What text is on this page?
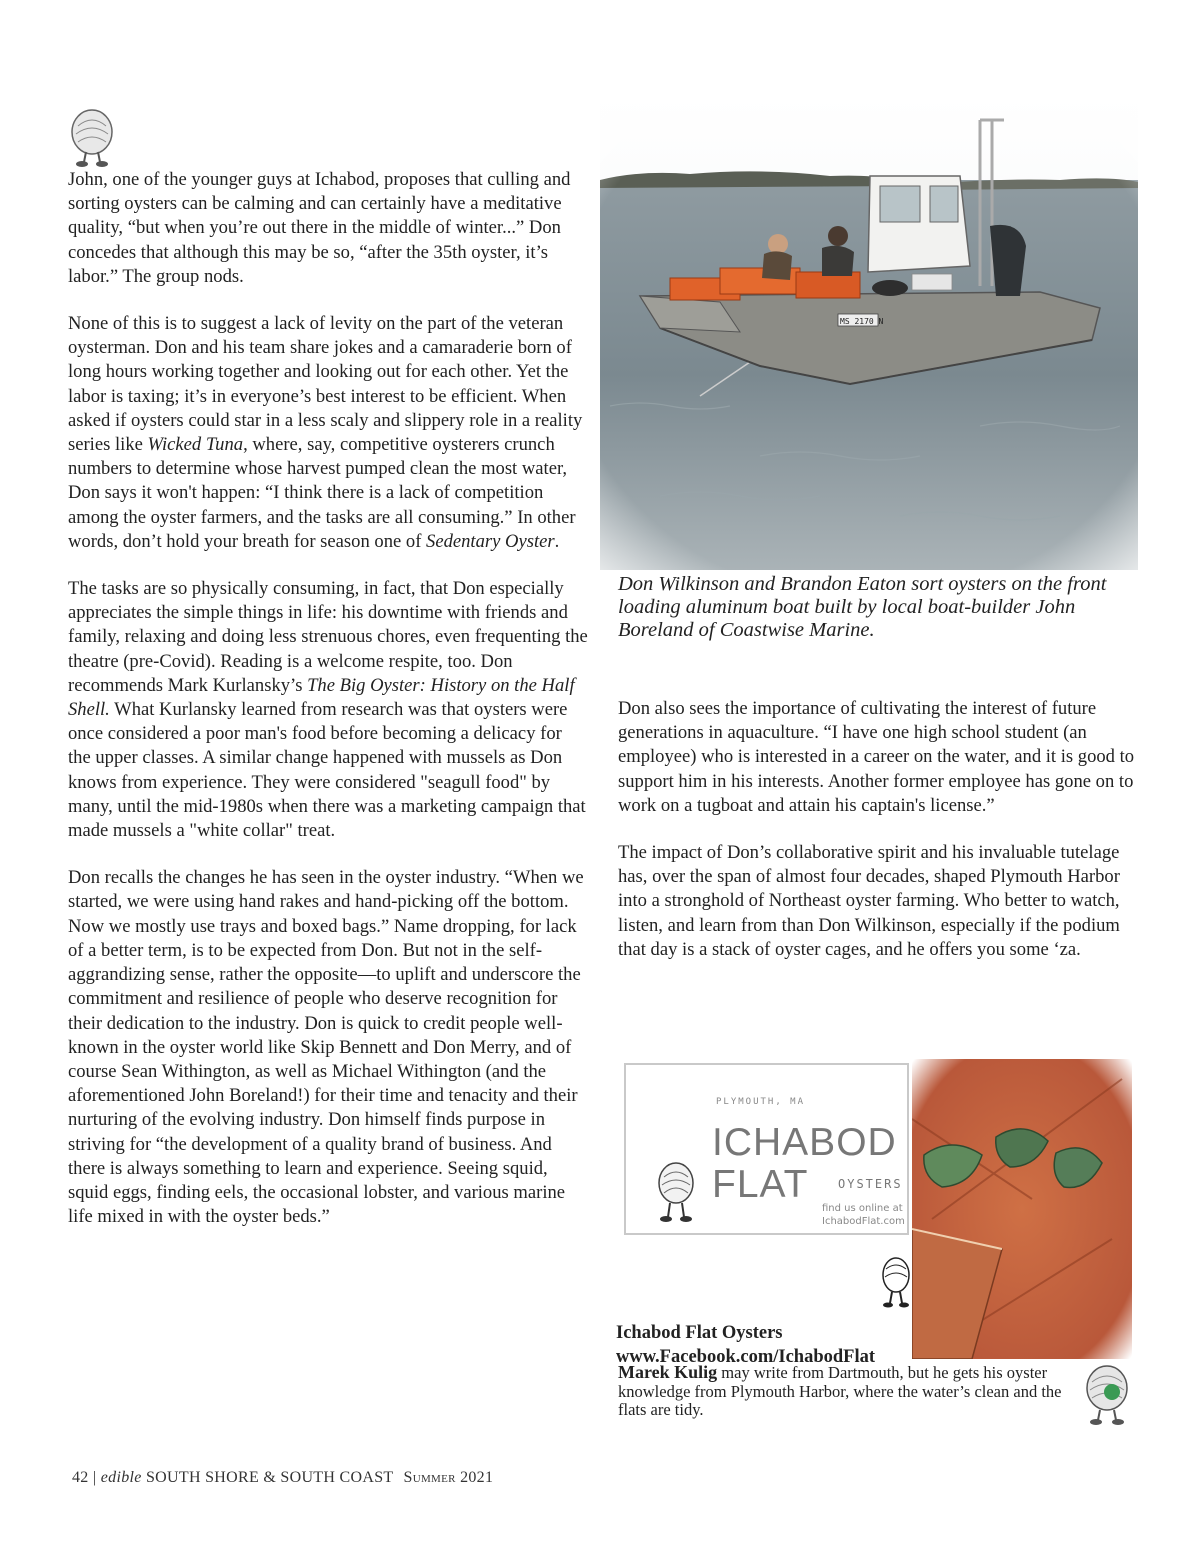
John, one of the younger guys at Ichabod, proposes that culling and sorting oysters can be calming and can certainly have a meditative quality, “but when you’re out there in the middle of winter...” Don concedes that although this may be so, “after the 35th oyster, it’s labor.” The group nods.

None of this is to suggest a lack of levity on the part of the veteran oysterman. Don and his team share jokes and a camaraderie born of long hours working together and looking out for each other. Yet the labor is taxing; it’s in everyone’s best interest to be efficient. When asked if oysters could star in a less scaly and slippery role in a reality series like Wicked Tuna, where, say, competitive oysterers crunch numbers to determine whose harvest pumped clean the most water, Don says it won't happen: “I think there is a lack of competition among the oyster farmers, and the tasks are all consuming.” In other words, don’t hold your breath for season one of Sedentary Oyster.

The tasks are so physically consuming, in fact, that Don especially appreciates the simple things in life: his downtime with friends and family, relaxing and doing less strenuous chores, even frequenting the theatre (pre-Covid). Reading is a welcome respite, too. Don recommends Mark Kurlansky’s The Big Oyster: History on the Half Shell. What Kurlansky learned from research was that oysters were once considered a poor man's food before becoming a delicacy for the upper classes. A similar change happened with mussels as Don knows from experience. They were considered "seagull food" by many, until the mid-1980s when there was a marketing campaign that made mussels a "white collar" treat.

Don recalls the changes he has seen in the oyster industry. “When we started, we were using hand rakes and hand-picking off the bottom. Now we mostly use trays and boxed bags.” Name dropping, for lack of a better term, is to be expected from Don. But not in the self-aggrandizing sense, rather the opposite—to uplift and underscore the commitment and resilience of people who deserve recognition for their dedication to the industry. Don is quick to credit people well-known in the oyster world like Skip Bennett and Don Merry, and of course Sean Withington, as well as Michael Withington (and the aforementioned John Boreland!) for their time and tenacity and their nurturing of the evolving industry. Don himself finds purpose in striving for “the development of a quality brand of business. And there is always something to learn and experience. Seeing squid, squid eggs, finding eels, the occasional lobster, and various marine life mixed in with the oyster beds.”

Don Wilkinson and Brandon Eaton sort oysters on the front loading aluminum boat built by local boat-builder John Boreland of Coastwise Marine.

Don also sees the importance of cultivating the interest of future generations in aquaculture. “I have one high school student (an employee) who is interested in a career on the water, and it is good to support him in his interests. Another former employee has gone on to work on a tugboat and attain his captain's license.”

The impact of Don’s collaborative spirit and his invaluable tutelage has, over the span of almost four decades, shaped Plymouth Harbor into a stronghold of Northeast oyster farming. Who better to watch, listen, and learn from than Don Wilkinson, especially if the podium that day is a stack of oyster cages, and he offers you some ‘za.

PLYMOUTH, MA
ICHABOD
FLAT OYSTERS
find us online at
IchabodFlat.com
Ichabod Flat Oysters
www.Facebook.com/IchabodFlat

Marek Kulig may write from Dartmouth, but he gets his oyster knowledge from Plymouth Harbor, where the water’s clean and the flats are tidy.

42 | edible SOUTH SHORE & SOUTH COAST Summer 2021
